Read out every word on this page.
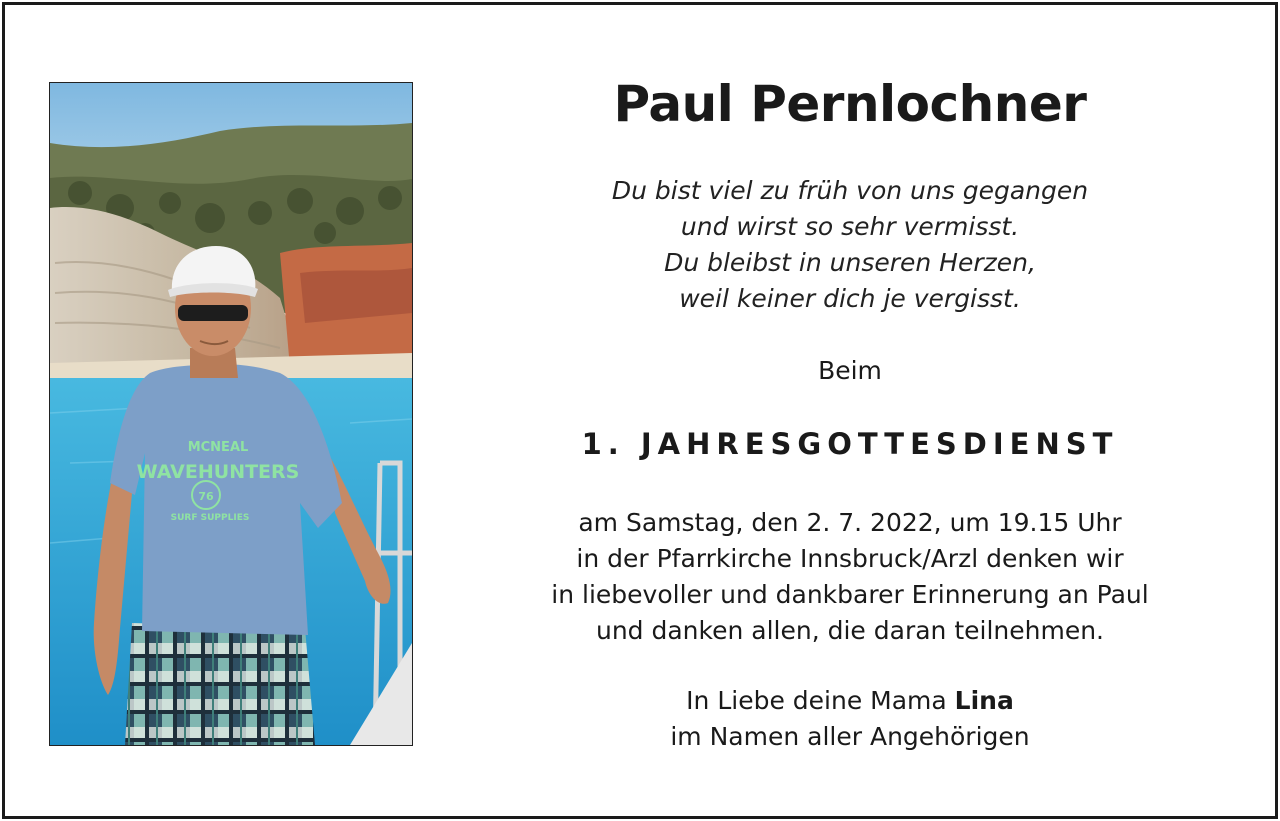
MCNEAL
WAVEHUNTERS
76
SURF SUPPLIES
Paul Pernlochner
Du bist viel zu früh von uns gegangen
und wirst so sehr vermisst.
Du bleibst in unseren Herzen,
weil keiner dich je vergisst.
Beim
1. JAHRESGOTTESDIENST
am Samstag, den 2. 7. 2022, um 19.15 Uhr
in der Pfarrkirche Innsbruck/Arzl denken wir
in liebevoller und dankbarer Erinnerung an Paul
und danken allen, die daran teilnehmen.
In Liebe deine Mama Lina
im Namen aller Angehörigen
